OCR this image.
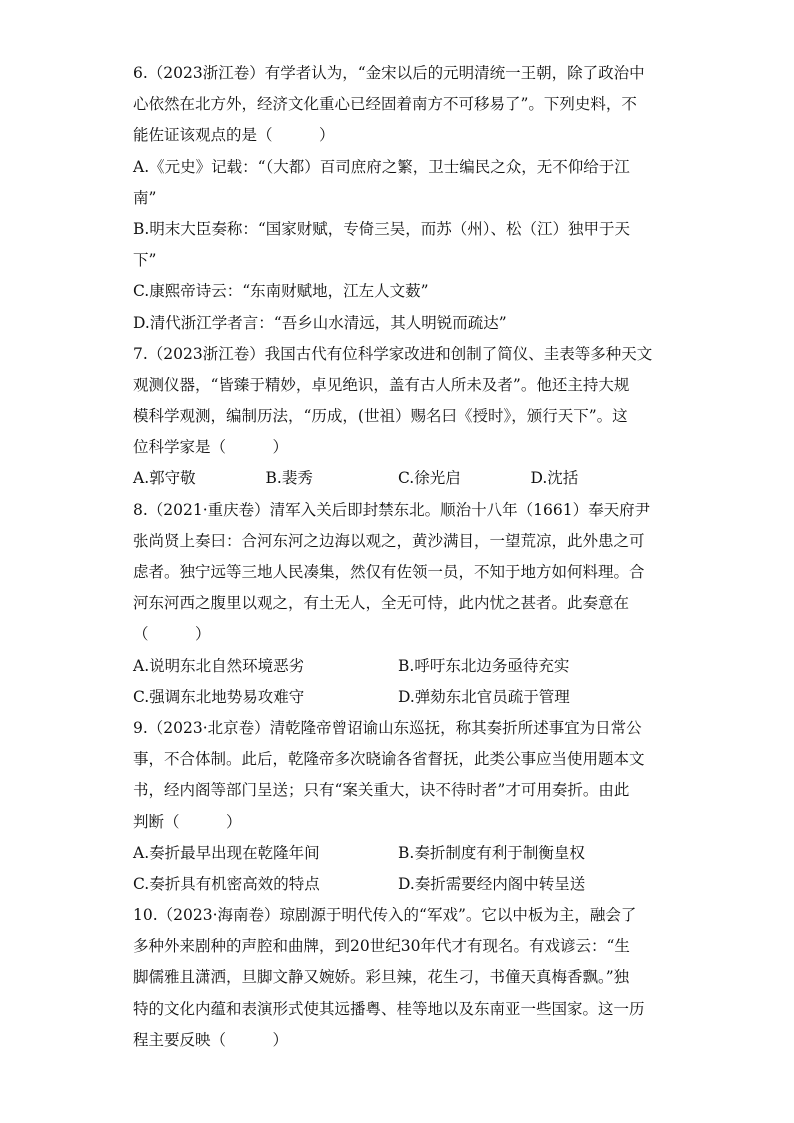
6.（2023浙江卷）有学者认为，“金宋以后的元明清统一王朝，除了政治中
心依然在北方外，经济文化重心已经固着南方不可移易了”。下列史料，不
能佐证该观点的是（　　　）
A.《元史》记载：“（大都）百司庶府之繁，卫士编民之众，无不仰给于江
南”
B.明末大臣奏称：“国家财赋，专倚三吴，而苏（州）、松（江）独甲于天
下”
C.康熙帝诗云：“东南财赋地，江左人文薮”
D.清代浙江学者言：“吾乡山水清远，其人明锐而疏达”
7.（2023浙江卷）我国古代有位科学家改进和创制了简仪、圭表等多种天文
观测仪器，“皆臻于精妙，卓见绝识，盖有古人所未及者”。他还主持大规
模科学观测，编制历法，“历成，(世祖）赐名曰《授时》，颁行天下”。这
位科学家是（　　　）
A.郭守敬	B.裴秀	C.徐光启	D.沈括
8.（2021·重庆卷）清军入关后即封禁东北。顺治十八年（1661）奉天府尹
张尚贤上奏曰：合河东河之边海以观之，黄沙满目，一望荒凉，此外患之可
虑者。独宁远等三地人民凑集，然仅有佐领一员，不知于地方如何料理。合
河东河西之腹里以观之，有土无人，全无可恃，此内忧之甚者。此奏意在
（　　　）
A.说明东北自然环境恶劣	B.呼吁东北边务亟待充实
C.强调东北地势易攻难守	D.弹劾东北官员疏于管理
9.（2023·北京卷）清乾隆帝曾诏谕山东巡抚，称其奏折所述事宜为日常公
事，不合体制。此后，乾隆帝多次晓谕各省督抚，此类公事应当使用题本文
书，经内阁等部门呈送；只有“案关重大，诀不待时者”才可用奏折。由此
判断（　　　）
A.奏折最早出现在乾隆年间	B.奏折制度有利于制衡皇权
C.奏折具有机密高效的特点	D.奏折需要经内阁中转呈送
10.（2023·海南卷）琼剧源于明代传入的“军戏”。它以中板为主，融会了
多种外来剧种的声腔和曲牌，到20世纪30年代才有现名。有戏谚云：“生
脚儒雅且潇洒，旦脚文静又婉娇。彩旦辣，花生刁，书僮天真梅香飘。”独
特的文化内蕴和表演形式使其远播粤、桂等地以及东南亚一些国家。这一历
程主要反映（　　　）
